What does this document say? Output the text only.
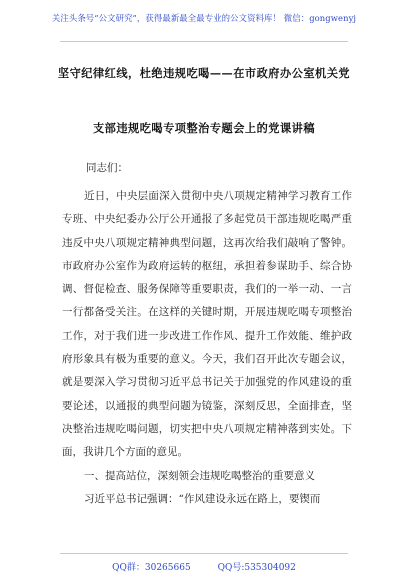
关注头条号“公文研究”，获得最新最全最专业的公文资料库！ 微信：gongwenyj
坚守纪律红线，杜绝违规吃喝——在市政府办公室机关党
支部违规吃喝专项整治专题会上的党课讲稿
同志们：

近日，中央层面深入贯彻中央八项规定精神学习教育工作专班、中央纪委办公厅公开通报了多起党员干部违规吃喝严重违反中央八项规定精神典型问题，这再次给我们敲响了警钟。市政府办公室作为政府运转的枢纽，承担着参谋助手、综合协调、督促检查、服务保障等重要职责，我们的一举一动、一言一行都备受关注。在这样的关键时期，开展违规吃喝专项整治工作，对于我们进一步改进工作作风、提升工作效能、维护政府形象具有极为重要的意义。今天，我们召开此次专题会议，就是要深入学习贯彻习近平总书记关于加强党的作风建设的重要论述，以通报的典型问题为镜鉴，深刻反思，全面排查，坚决整治违规吃喝问题，切实把中央八项规定精神落到实处。下面，我讲几个方面的意见。

一、提高站位，深刻领会违规吃喝整治的重要意义

习近平总书记强调：“作风建设永远在路上，要锲而

QQ群：30265665	QQ号:535304092
